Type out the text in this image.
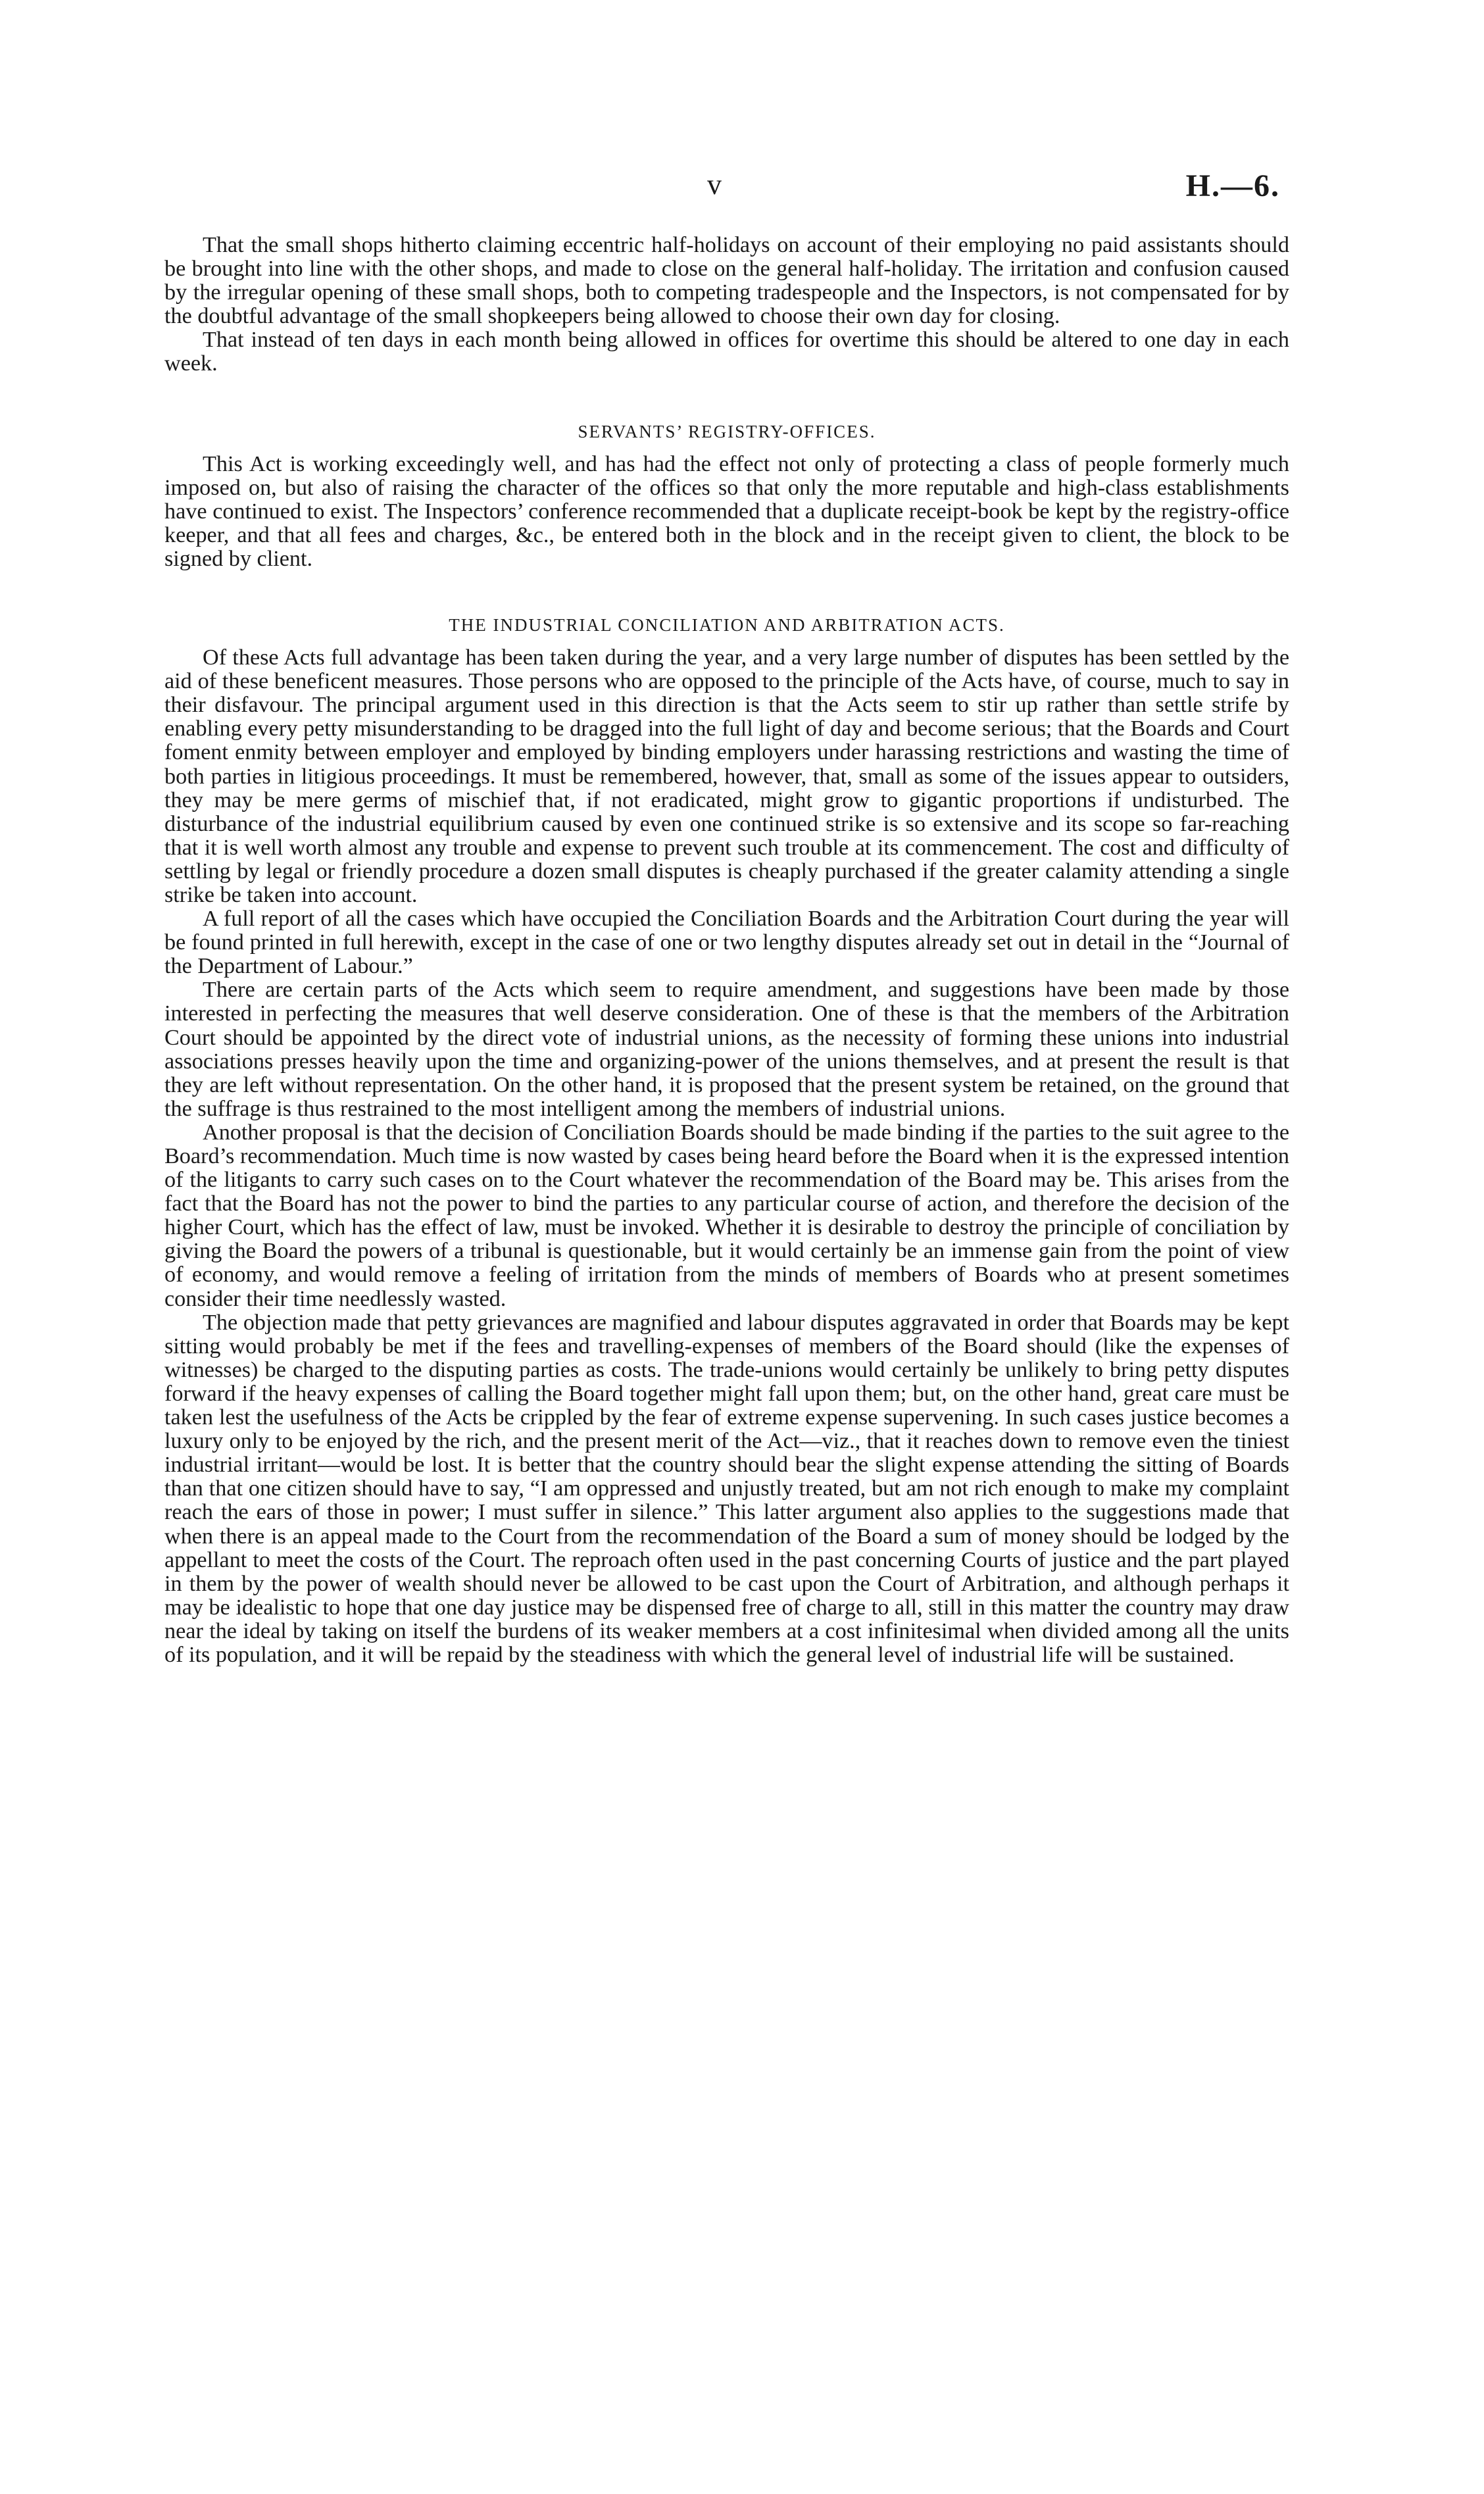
v	H.—6.

That the small shops hitherto claiming eccentric half-holidays on account of their employing no paid assistants should be brought into line with the other shops, and made to close on the general half-holiday. The irritation and confusion caused by the irregular opening of these small shops, both to competing tradespeople and the Inspectors, is not compensated for by the doubtful advantage of the small shopkeepers being allowed to choose their own day for closing.

That instead of ten days in each month being allowed in offices for overtime this should be altered to one day in each week.

SERVANTS’ REGISTRY-OFFICES.

This Act is working exceedingly well, and has had the effect not only of protecting a class of people formerly much imposed on, but also of raising the character of the offices so that only the more reputable and high-class establishments have continued to exist. The Inspectors’ conference recommended that a duplicate receipt-book be kept by the registry-office keeper, and that all fees and charges, &c., be entered both in the block and in the receipt given to client, the block to be signed by client.

THE INDUSTRIAL CONCILIATION AND ARBITRATION ACTS.

Of these Acts full advantage has been taken during the year, and a very large number of disputes has been settled by the aid of these beneficent measures. Those persons who are opposed to the principle of the Acts have, of course, much to say in their disfavour. The principal argument used in this direction is that the Acts seem to stir up rather than settle strife by enabling every petty misunderstanding to be dragged into the full light of day and become serious; that the Boards and Court foment enmity between employer and employed by binding employers under harassing restrictions and wasting the time of both parties in litigious proceedings. It must be remembered, however, that, small as some of the issues appear to outsiders, they may be mere germs of mischief that, if not eradicated, might grow to gigantic proportions if undisturbed. The disturbance of the industrial equilibrium caused by even one continued strike is so extensive and its scope so far-reaching that it is well worth almost any trouble and expense to prevent such trouble at its commencement. The cost and difficulty of settling by legal or friendly procedure a dozen small disputes is cheaply purchased if the greater calamity attending a single strike be taken into account.

A full report of all the cases which have occupied the Conciliation Boards and the Arbitration Court during the year will be found printed in full herewith, except in the case of one or two lengthy disputes already set out in detail in the “Journal of the Department of Labour.”

There are certain parts of the Acts which seem to require amendment, and suggestions have been made by those interested in perfecting the measures that well deserve consideration. One of these is that the members of the Arbitration Court should be appointed by the direct vote of industrial unions, as the necessity of forming these unions into industrial associations presses heavily upon the time and organizing-power of the unions themselves, and at present the result is that they are left without representation. On the other hand, it is proposed that the present system be retained, on the ground that the suffrage is thus restrained to the most intelligent among the members of industrial unions.

Another proposal is that the decision of Conciliation Boards should be made binding if the parties to the suit agree to the Board’s recommendation. Much time is now wasted by cases being heard before the Board when it is the expressed intention of the litigants to carry such cases on to the Court whatever the recommendation of the Board may be. This arises from the fact that the Board has not the power to bind the parties to any particular course of action, and therefore the decision of the higher Court, which has the effect of law, must be invoked. Whether it is desirable to destroy the principle of conciliation by giving the Board the powers of a tribunal is questionable, but it would certainly be an immense gain from the point of view of economy, and would remove a feeling of irritation from the minds of members of Boards who at present sometimes consider their time needlessly wasted.

The objection made that petty grievances are magnified and labour disputes aggravated in order that Boards may be kept sitting would probably be met if the fees and travelling-expenses of members of the Board should (like the expenses of witnesses) be charged to the disputing parties as costs. The trade-unions would certainly be unlikely to bring petty disputes forward if the heavy expenses of calling the Board together might fall upon them; but, on the other hand, great care must be taken lest the usefulness of the Acts be crippled by the fear of extreme expense supervening. In such cases justice becomes a luxury only to be enjoyed by the rich, and the present merit of the Act—viz., that it reaches down to remove even the tiniest industrial irritant—would be lost. It is better that the country should bear the slight expense attending the sitting of Boards than that one citizen should have to say, “I am oppressed and unjustly treated, but am not rich enough to make my complaint reach the ears of those in power; I must suffer in silence.” This latter argument also applies to the suggestions made that when there is an appeal made to the Court from the recommendation of the Board a sum of money should be lodged by the appellant to meet the costs of the Court. The reproach often used in the past concerning Courts of justice and the part played in them by the power of wealth should never be allowed to be cast upon the Court of Arbitration, and although perhaps it may be idealistic to hope that one day justice may be dispensed free of charge to all, still in this matter the country may draw near the ideal by taking on itself the burdens of its weaker members at a cost infinitesimal when divided among all the units of its population, and it will be repaid by the steadiness with which the general level of industrial life will be sustained.
